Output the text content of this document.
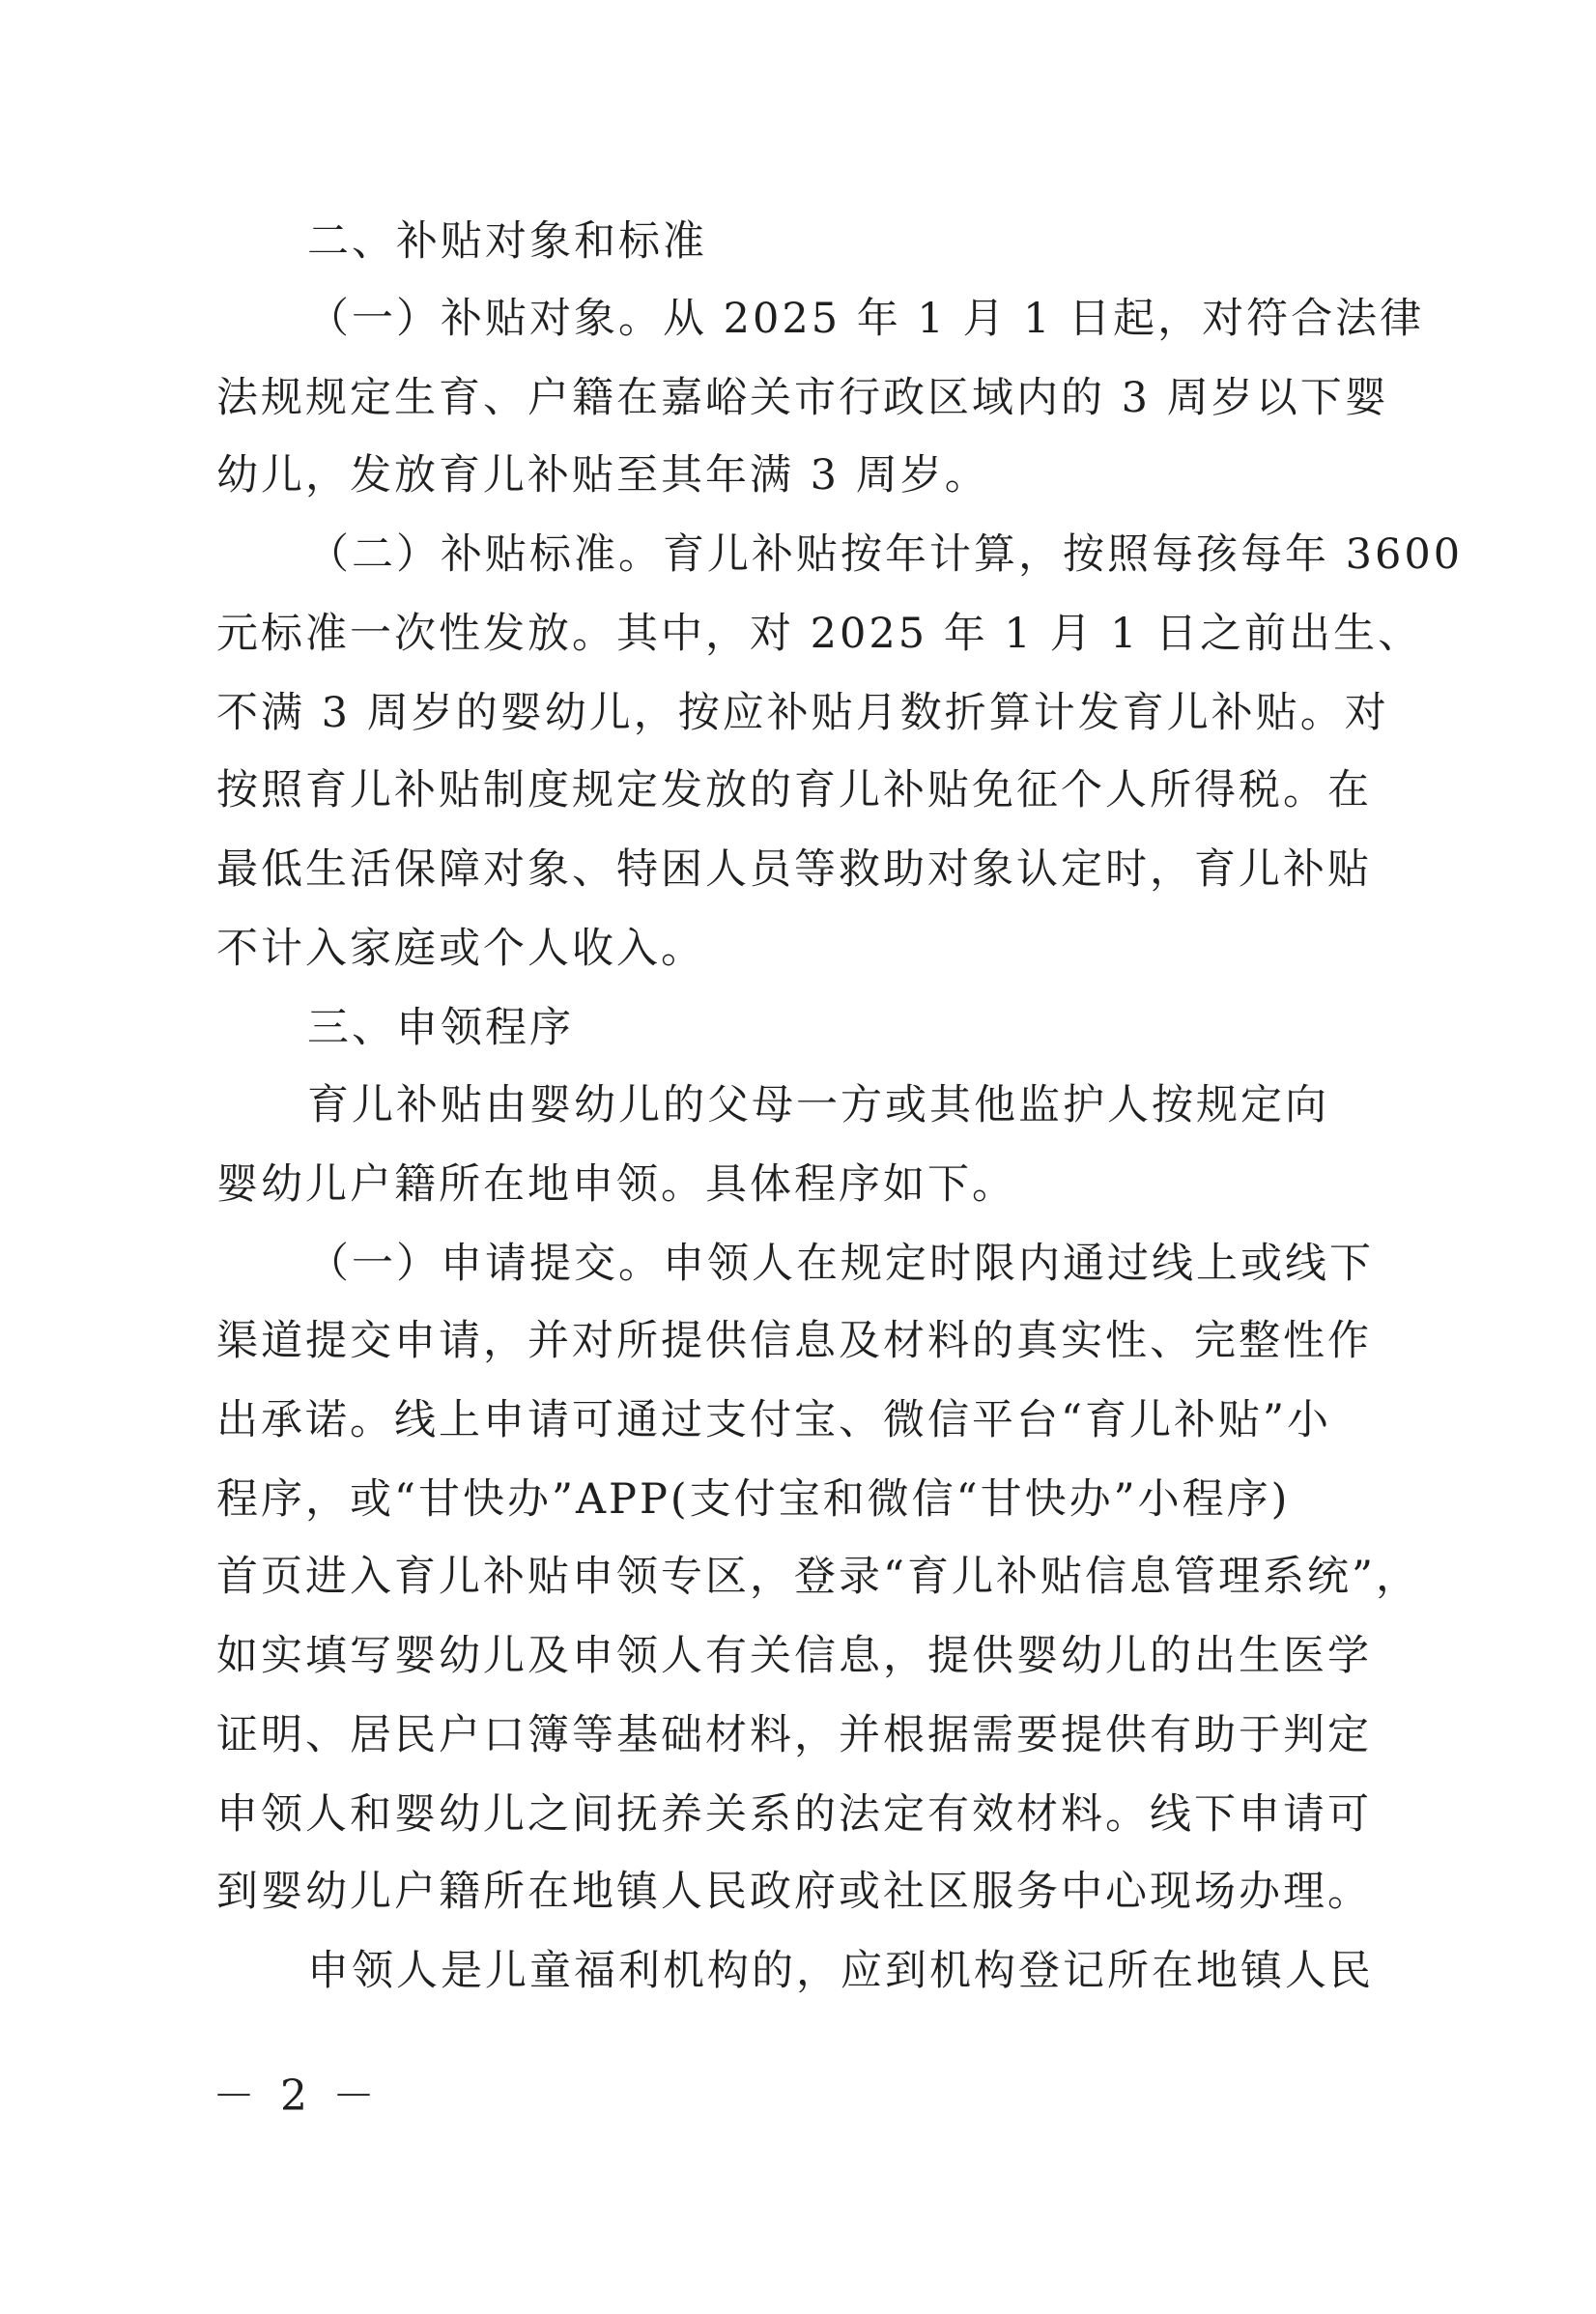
二、补贴对象和标准
（一）补贴对象。从 2025 年 1 月 1 日起，对符合法律
法规规定生育、户籍在嘉峪关市行政区域内的 3 周岁以下婴
幼儿，发放育儿补贴至其年满 3 周岁。
（二）补贴标准。育儿补贴按年计算，按照每孩每年 3600
元标准一次性发放。其中，对 2025 年 1 月 1 日之前出生、
不满 3 周岁的婴幼儿，按应补贴月数折算计发育儿补贴。对
按照育儿补贴制度规定发放的育儿补贴免征个人所得税。在
最低生活保障对象、特困人员等救助对象认定时，育儿补贴
不计入家庭或个人收入。
三、申领程序
育儿补贴由婴幼儿的父母一方或其他监护人按规定向
婴幼儿户籍所在地申领。具体程序如下。
（一）申请提交。申领人在规定时限内通过线上或线下
渠道提交申请，并对所提供信息及材料的真实性、完整性作
出承诺。线上申请可通过支付宝、微信平台“育儿补贴”小
程序，或“甘快办”APP(支付宝和微信“甘快办”小程序)
首页进入育儿补贴申领专区，登录“育儿补贴信息管理系统”，
如实填写婴幼儿及申领人有关信息，提供婴幼儿的出生医学
证明、居民户口簿等基础材料，并根据需要提供有助于判定
申领人和婴幼儿之间抚养关系的法定有效材料。线下申请可
到婴幼儿户籍所在地镇人民政府或社区服务中心现场办理。
申领人是儿童福利机构的，应到机构登记所在地镇人民
－ 2 －
